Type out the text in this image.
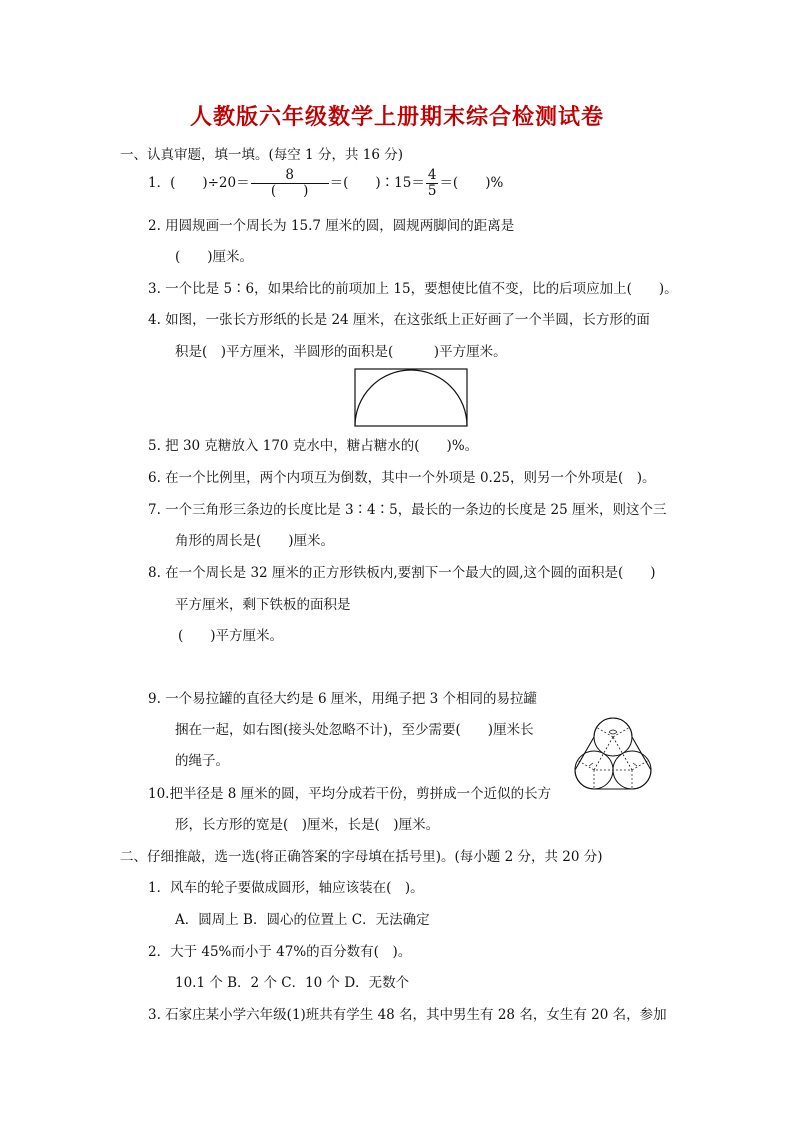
人教版六年级数学上册期末综合检测试卷
一、认真审题，填一填。(每空 1 分，共 16 分)
1．(　　)$\div 20= \frac{8}{( )}$ ＝(　　)∶15＝ $\frac{4}{5}$ ＝(　　)%
2. 用圆规画一个周长为 15.7 厘米的圆，圆规两脚间的距离是
(　　)厘米。
3. 一个比是 5∶6，如果给比的前项加上 15，要想使比值不变，比的后项应加上(　　)。
4. 如图，一张长方形纸的长是 24 厘米，在这张纸上正好画了一个半圆，长方形的面
积是(　)平方厘米，半圆形的面积是(　　　)平方厘米。
5. 把 30 克糖放入 170 克水中，糖占糖水的(　　)%。
6. 在一个比例里，两个内项互为倒数，其中一个外项是 0.25，则另一个外项是(　)。
7. 一个三角形三条边的长度比是 3∶4∶5，最长的一条边的长度是 25 厘米，则这个三
角形的周长是(　　)厘米。
8. 在一个周长是 32 厘米的正方形铁板内,要割下一个最大的圆,这个圆的面积是(　　)
平方厘米，剩下铁板的面积是
(　　)平方厘米。
9. 一个易拉罐的直径大约是 6 厘米，用绳子把 3 个相同的易拉罐
捆在一起，如右图(接头处忽略不计)，至少需要(　　)厘米长
的绳子。
10.把半径是 8 厘米的圆，平均分成若干份，剪拼成一个近似的长方
形，长方形的宽是(　)厘米，长是(　)厘米。
二、仔细推敲，选一选(将正确答案的字母填在括号里)。(每小题 2 分，共 20 分)
1．风车的轮子要做成圆形，轴应该装在(　)。
A．圆周上 B．圆心的位置上 C．无法确定
2．大于 45%而小于 47%的百分数有(　)。
10.1 个 B．2 个 C．10 个 D．无数个
3. 石家庄某小学六年级(1)班共有学生 48 名，其中男生有 28 名，女生有 20 名，参加
